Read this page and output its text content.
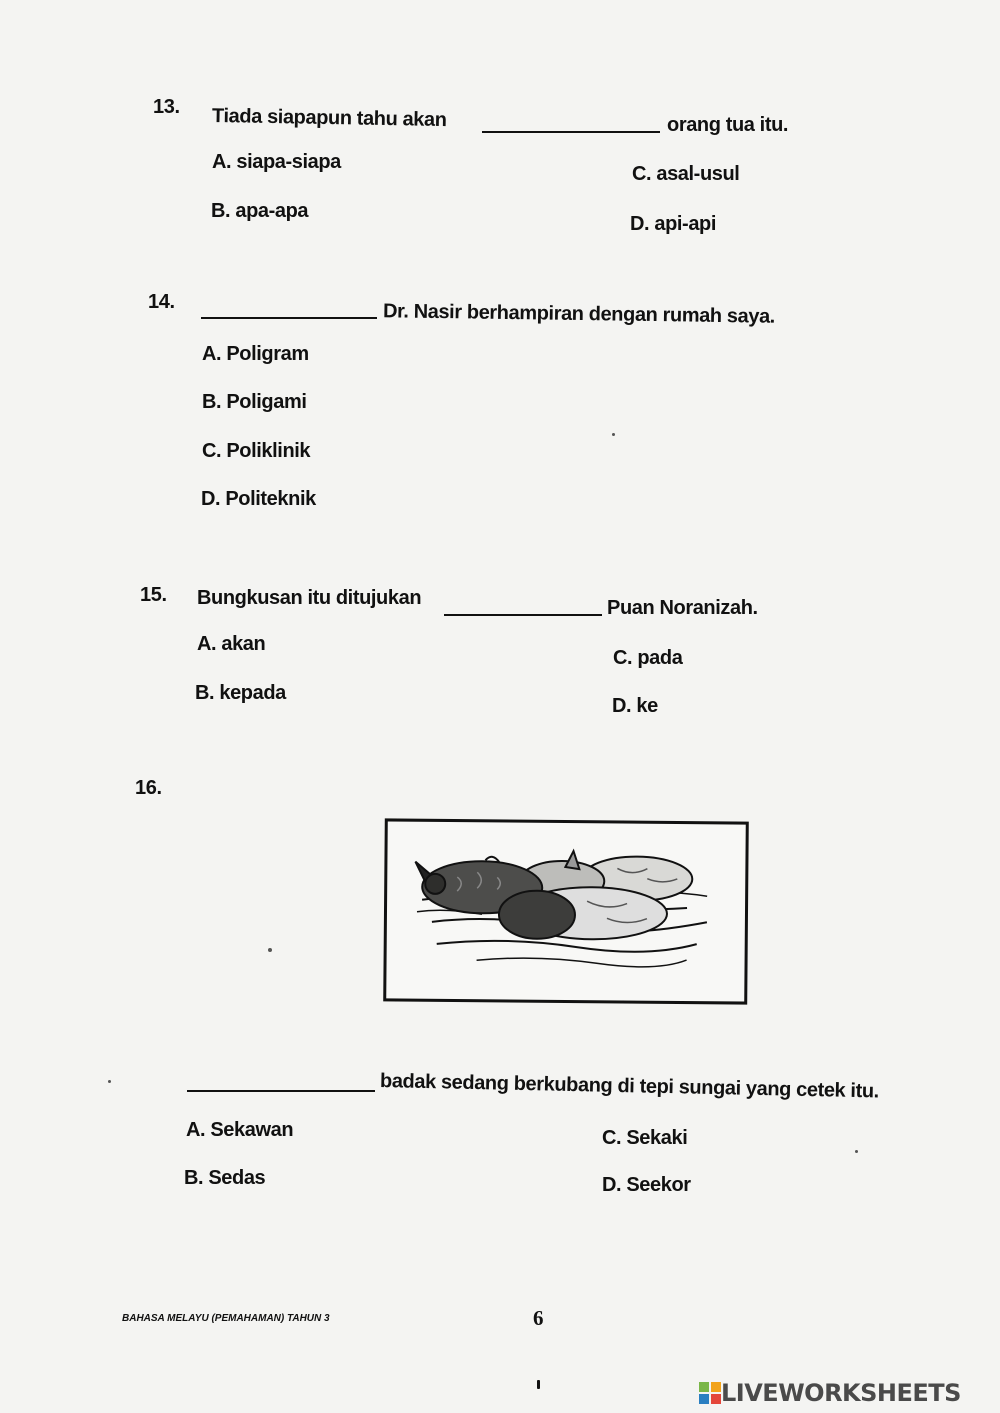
13. Tiada siapapun tahu akan	orang tua itu.
A. siapa-siapa
B. apa-apa
C. asal-usul
D. api-api
14.	Dr. Nasir berhampiran dengan rumah saya.
A. Poligram
B. Poligami
C. Poliklinik
D. Politeknik
15. Bungkusan itu ditujukan	Puan Noranizah.
A. akan
B. kepada
C. pada
D. ke
16.
badak sedang berkubang di tepi sungai yang cetek itu.
A. Sekawan
B. Sedas
C. Sekaki
D. Seekor
BAHASA MELAYU (PEMAHAMAN) TAHUN 3	6
LIVEWORKSHEETS
